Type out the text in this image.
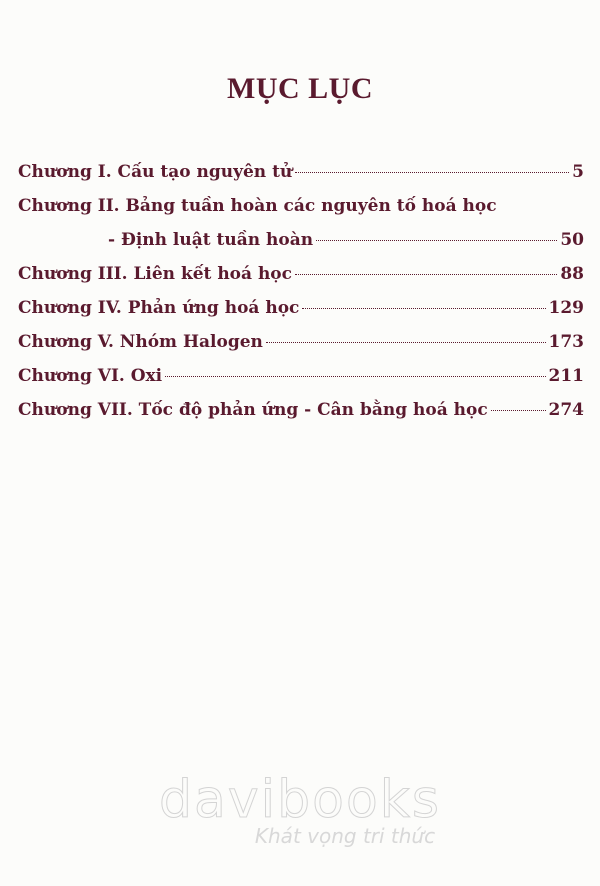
MỤC LỤC
Chương I. Cấu tạo nguyên tử	5
Chương II. Bảng tuần hoàn các nguyên tố hoá học
- Định luật tuần hoàn	50
Chương III. Liên kết hoá học	88
Chương IV. Phản ứng hoá học	129
Chương V. Nhóm Halogen	173
Chương VI. Oxi	211
Chương VII. Tốc độ phản ứng - Cân bằng hoá học	274
davibooks
Khát vọng tri thức
